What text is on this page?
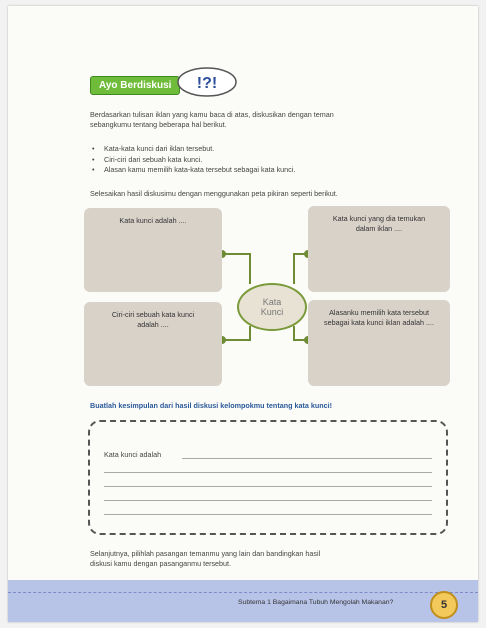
Ayo Berdiskusi	!?!
Berdasarkan tulisan iklan yang kamu baca di atas, diskusikan dengan teman
sebangkumu tentang beberapa hal berikut.
• Kata-kata kunci dari iklan tersebut.
• Ciri-ciri dari sebuah kata kunci.
• Alasan kamu memilih kata-kata tersebut sebagai kata kunci.
Selesaikan hasil diskusimu dengan menggunakan peta pikiran seperti berikut.
Kata kunci adalah ....	Kata kunci yang dia temukan dalam iklan ....
Ciri-ciri sebuah kata kunci adalah ....
Alasanku memilih kata tersebut sebagai kata kunci iklan adalah ....
Kata Kunci
Buatlah kesimpulan dari hasil diskusi kelompokmu tentang kata kunci!
Kata kunci adalah
Selanjutnya, pilihlah pasangan temanmu yang lain dan bandingkan hasil
diskusi kamu dengan pasanganmu tersebut.
Subtema 1 Bagaimana Tubuh Mengolah Makanan?	5
